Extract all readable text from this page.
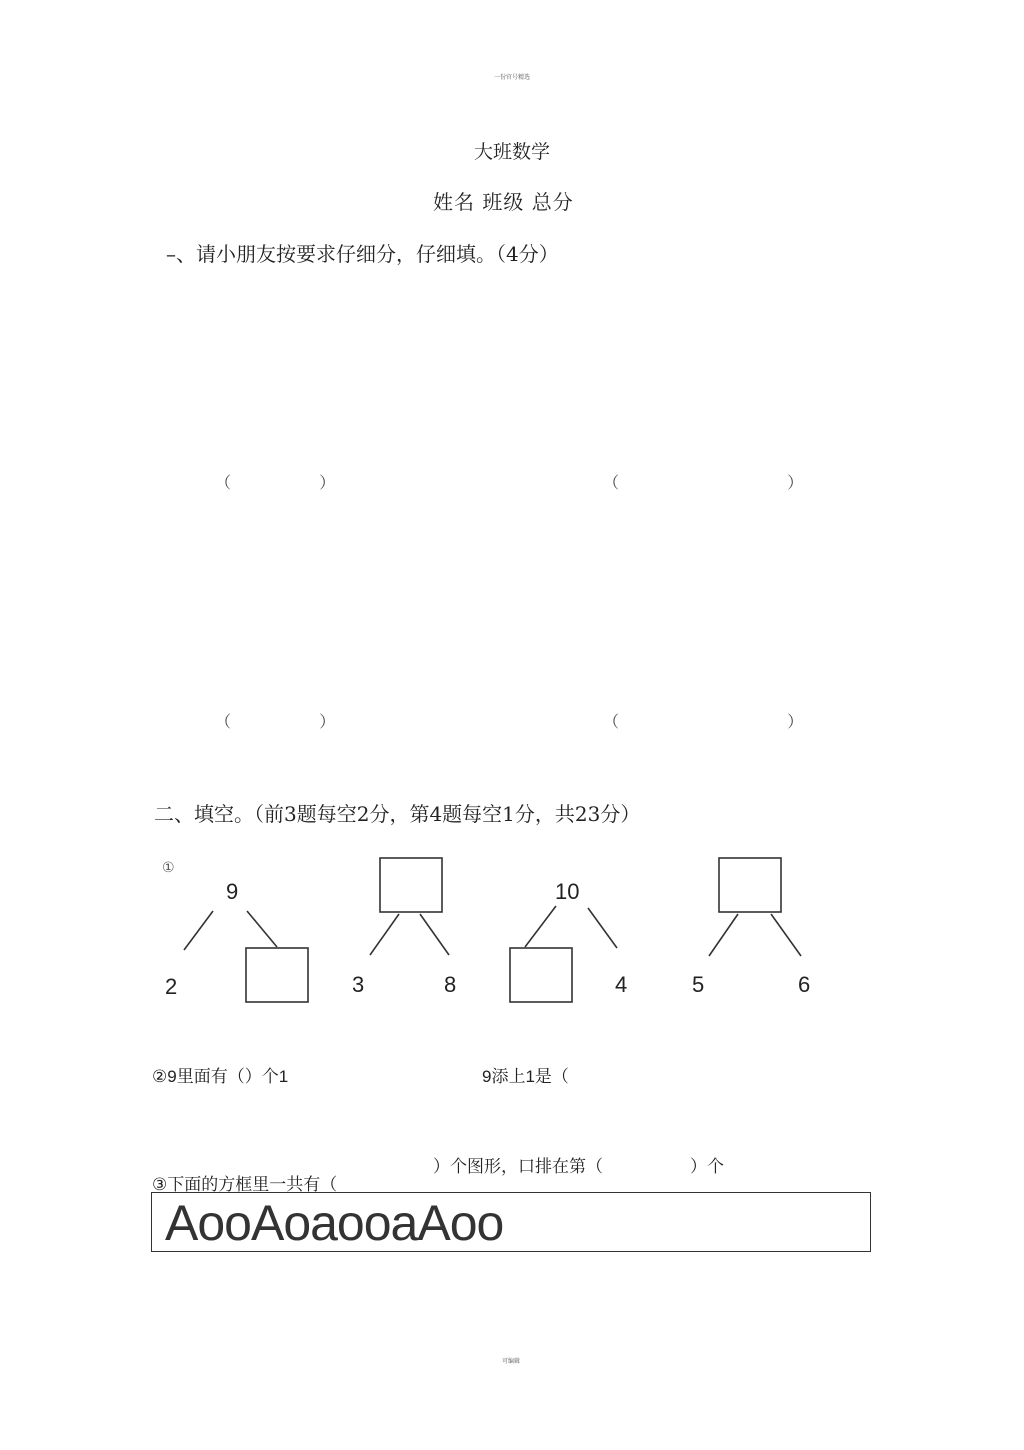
一份官号精选
大班数学
姓名 班级 总分
–、请小朋友按要求仔细分，仔细填。（4分）
（	）	（	）
（	）	（	）
二、填空。（前3题每空2分，第4题每空1分，共23分）
①
9
2	3	8
10
4	5	6
②9里面有（）个1	9添上1是（
）个图形，口排在第（	）个
③下面的方框里一共有（
AooAoaooaAoo
可编辑
